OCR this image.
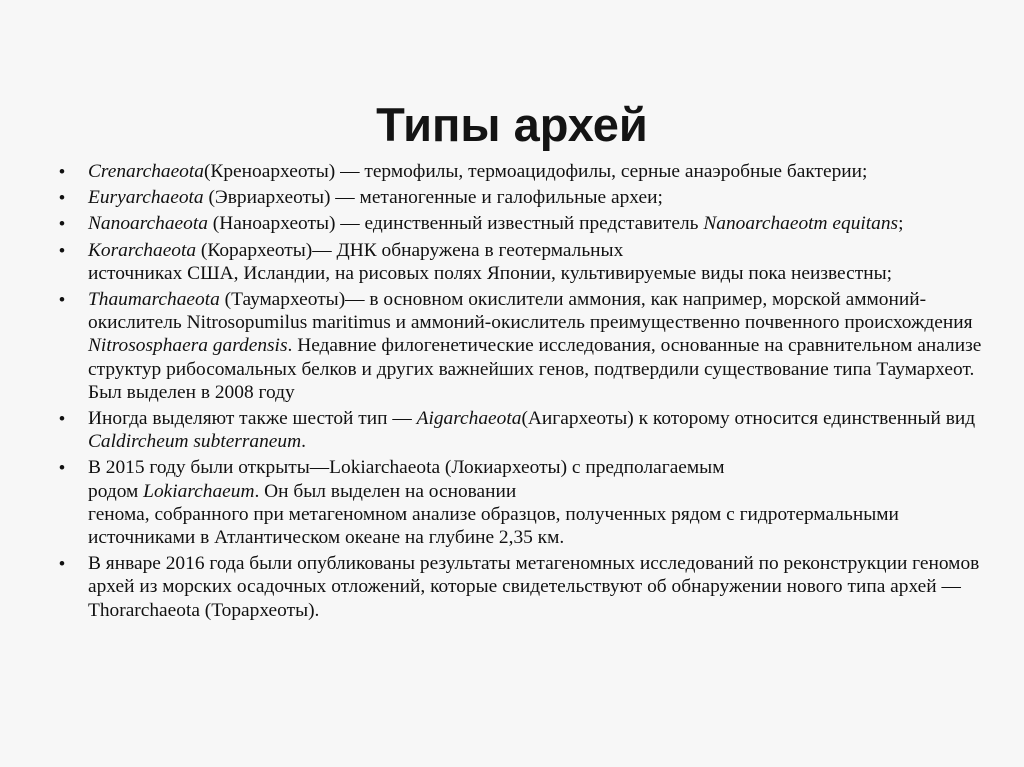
Типы архей
• Crenarchaeota(Креноархеоты) — термофилы, термоацидофилы, серные анаэробные бактерии;
• Euryarchaeota (Эвриархеоты) — метаногенные и галофильные археи;
• Nanoarchaeota (Наноархеоты) — единственный известный представитель Nanoarchaeotm equitans;
• Korarchaeota (Корархеоты)— ДНК обнаружена в геотермальных
источниках США, Исландии, на рисовых полях Японии, культивируемые виды пока неизвестны;
• Thaumarchaeota (Таумархеоты)— в основном окислители аммония, как например, морской аммоний-окислитель Nitrosopumilus maritimus и аммоний-окислитель преимущественно почвенного происхождения Nitrososphaera gardensis. Недавние филогенетические исследования, основанные на сравнительном анализе структур рибосомальных белков и других важнейших генов, подтвердили существование типа Таумархеот. Был выделен в 2008 году
• Иногда выделяют также шестой тип — Aigarchaeota(Аигархеоты) к которому относится единственный вид Caldircheum subterraneum.
• В 2015 году были открыты—Lokiarchaeota (Локиархеоты) с предполагаемым
родом Lokiarchaeum. Он был выделен на основании
генома, собранного при метагеномном анализе образцов, полученных рядом с гидротермальными источниками в Атлантическом океане на глубине 2,35 км.
• В январе 2016 года были опубликованы результаты метагеномных исследований по реконструкции геномов архей из морских осадочных отложений, которые свидетельствуют об обнаружении нового типа архей — Thorarchaeota (Торархеоты).
